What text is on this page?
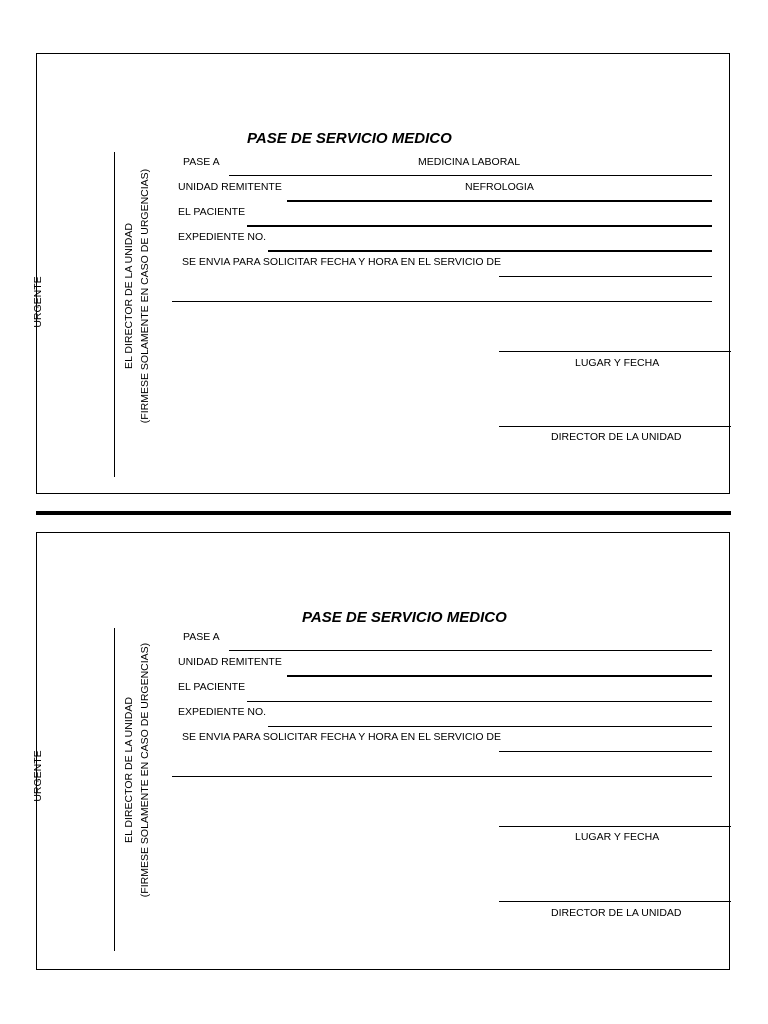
PASE DE SERVICIO MEDICO
URGENTE	EL DIRECTOR DE LA UNIDAD (FIRMESE SOLAMENTE EN CASO DE URGENCIAS)
PASE A	MEDICINA LABORAL
UNIDAD REMITENTE	NEFROLOGIA
EL PACIENTE
EXPEDIENTE NO.
SE ENVIA PARA SOLICITAR FECHA Y HORA EN EL SERVICIO DE
LUGAR Y FECHA
DIRECTOR DE LA UNIDAD
PASE DE SERVICIO MEDICO
URGENTE	EL DIRECTOR DE LA UNIDAD (FIRMESE SOLAMENTE EN CASO DE URGENCIAS)
PASE A
UNIDAD REMITENTE
EL PACIENTE
EXPEDIENTE NO.
SE ENVIA PARA SOLICITAR FECHA Y HORA EN EL SERVICIO DE
LUGAR Y FECHA
DIRECTOR DE LA UNIDAD
